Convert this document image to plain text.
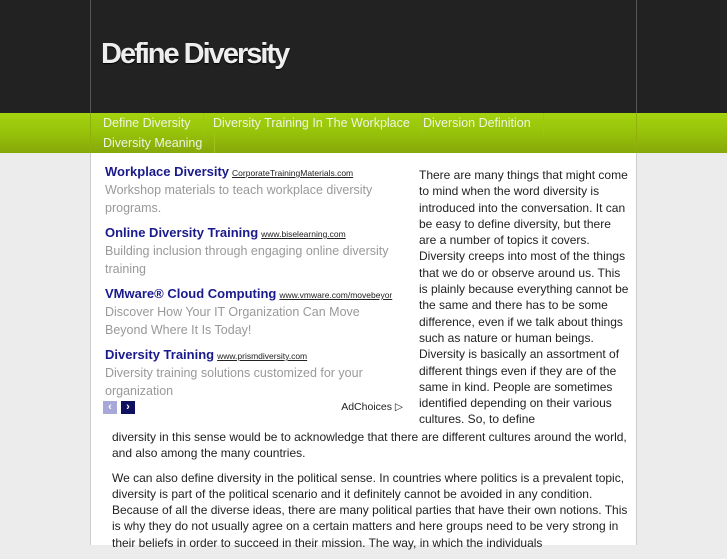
Define Diversity
Define Diversity	Diversity Training In The Workplace	Diversion Definition
Diversity Meaning
Workplace Diversity CorporateTrainingMaterials.com
Workshop materials to teach workplace diversity programs.
Online Diversity Training www.biselearning.com
Building inclusion through engaging online diversity training
VMware® Cloud Computing www.vmware.com/movebeyor
Discover How Your IT Organization Can Move Beyond Where It Is Today!
Diversity Training www.prismdiversity.com
Diversity training solutions customized for your organization
‹	›	AdChoices ▷
There are many things that might come to mind when the word diversity is introduced into the conversation. It can be easy to define diversity, but there are a number of topics it covers. Diversity creeps into most of the things that we do or observe around us. This is plainly because everything cannot be the same and there has to be some difference, even if we talk about things such as nature or human beings. Diversity is basically an assortment of different things even if they are of the same in kind. People are sometimes identified depending on their various cultures. So, to define

diversity in this sense would be to acknowledge that there are different cultures around the world, and also among the many countries.

We can also define diversity in the political sense. In countries where politics is a prevalent topic, diversity is part of the political scenario and it definitely cannot be avoided in any condition. Because of all the diverse ideas, there are many political parties that have their own notions. This is why they do not usually agree on a certain matters and here groups need to be very strong in their beliefs in order to succeed in their mission. The way, in which the individuals
